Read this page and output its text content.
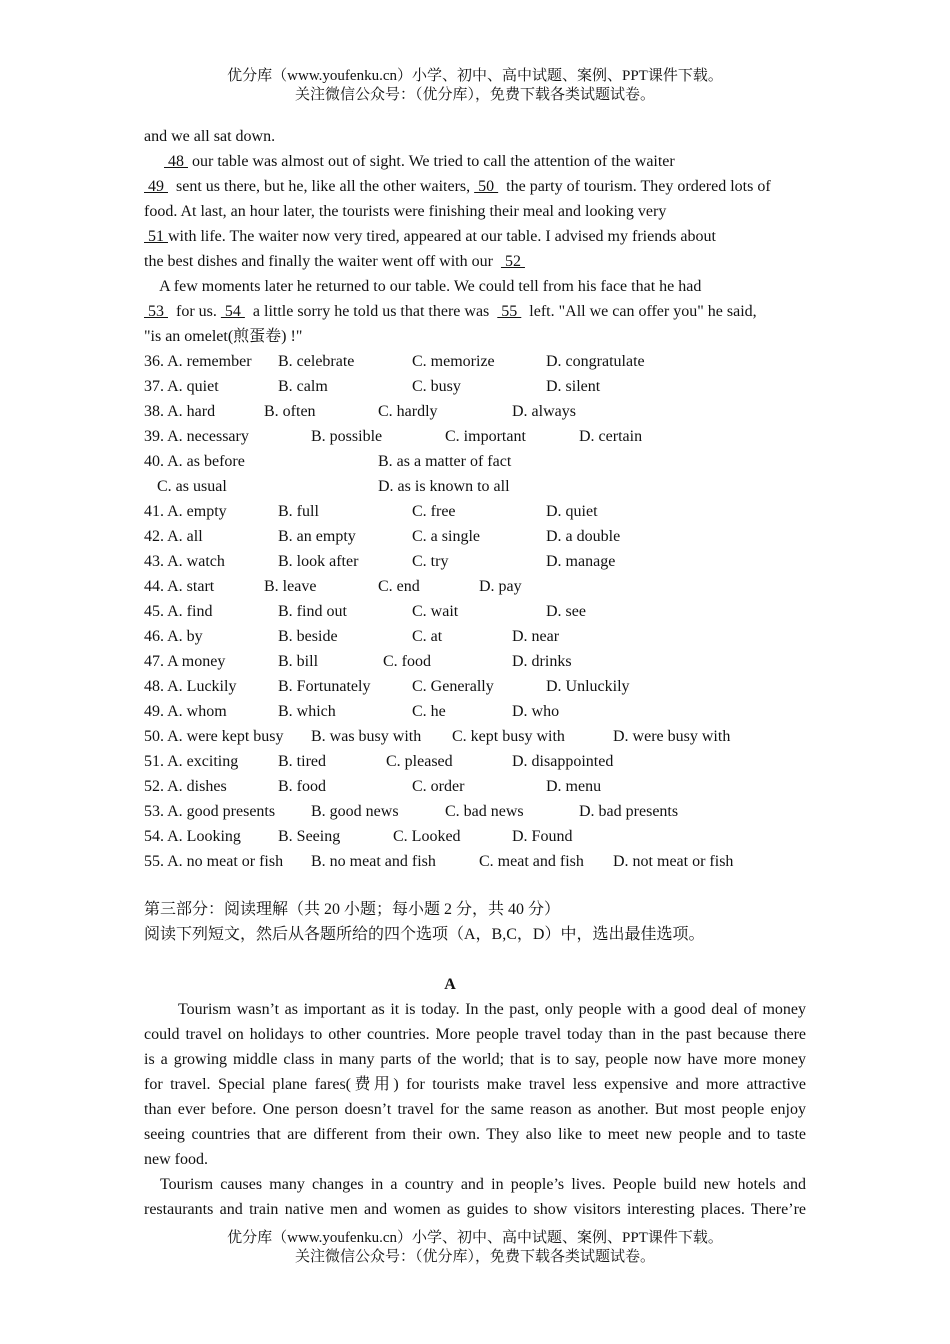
优分库（www.youfenku.cn）小学、初中、高中试题、案例、PPT课件下载。
关注微信公众号：（优分库），免费下载各类试题试卷。
and we all sat down.
48  our table was almost out of sight. We tried to call the attention of the waiter
49   sent us there, but he, like all the other waiters,  50   the party of tourism. They ordered lots of
food. At last, an hour later, the tourists were finishing their meal and looking very
51 with life. The waiter now very tired, appeared at our table. I advised my friends about
the best dishes and finally the waiter went off with our   52
A few moments later he returned to our table. We could tell from his face that he had
53   for us.  54   a little sorry he told us that there was   55   left. "All we can offer you" he said,
"is an omelet(煎蛋卷) !"
36. A. remember B. celebrate	C. memorize	D. congratulate
37. A. quiet	B. calm	C. busy	D. silent
38. A. hard	B. often	C. hardly	D. always
39. A. necessary	B. possible	C. important	D. certain
40. A. as before	B. as a matter of fact
C. as usual	D. as is known to all
41. A. empty	B. full	C. free	D. quiet
42. A. all	B. an empty	C. a single	D. a double
43. A. watch	B. look after	C. try	D. manage
44. A. start	B. leave	C. end	D. pay
45. A. find	B. find out	C. wait	D. see
46. A. by	B. beside	C. at	D. near
47. A money	B. bill	C. food	D. drinks
48. A. Luckily	B. Fortunately	C. Generally	D. Unluckily
49. A. whom	B. which	C. he	D. who
50. A. were kept busy B. was busy with C. kept busy with	D. were busy with
51. A. exciting B. tired	C. pleased	D. disappointed
52. A. dishes	B. food	C. order	D. menu
53. A. good presents B. good news	C. bad news	D. bad presents
54. A. Looking B. Seeing	C. Looked	D. Found
55. A. no meat or fish B. no meat and fish	C. meat and fish D. not meat or fish
第三部分：阅读理解（共 20 小题；每小题 2 分，共 40 分）
阅读下列短文，然后从各题所给的四个选项（A，B,C，D）中，选出最佳选项。
A
Tourism wasn’t as important as it is today. In the past, only people with a good deal of money
could travel on holidays to other countries. More people travel today than in the past because there
is a growing middle class in many parts of the world; that is to say, people now have more money
for travel. Special plane fares(费用) for tourists make travel less expensive and more attractive
than ever before. One person doesn’t travel for the same reason as another. But most people enjoy
seeing countries that are different from their own. They also like to meet new people and to taste
new food.
Tourism causes many changes in a country and in people’s lives. People build new hotels and
restaurants and train native men and women as guides to show visitors interesting places. There’re
优分库（www.youfenku.cn）小学、初中、高中试题、案例、PPT课件下载。
关注微信公众号：（优分库），免费下载各类试题试卷。
